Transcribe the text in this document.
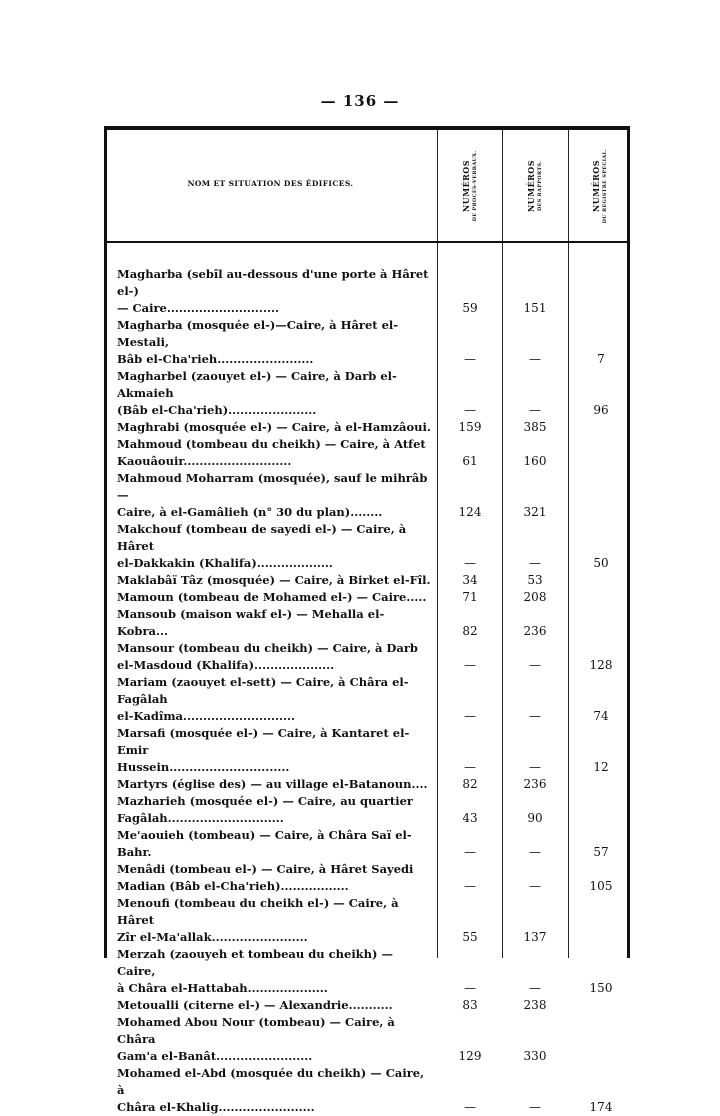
— 136 —
NOM ET SITUATION DES ÉDIFICES.	NUMÉROS DE PROCÈS-VERBAUX.	NUMÉROS DES RAPPORTS.	NUMÉROS DU REGISTRE SPÉCIAL.
Magharba (sebîl au-dessous d'une porte à Hâret el-)
— Caire............................	59	151
Magharba (mosquée el-)—Caire, à Hâret el-Mestali,
Bâb el-Cha'rieh........................	—	—	7
Magharbel (zaouyet el-) — Caire, à Darb el-Akmaieh
(Bâb el-Cha'rieh)......................	—	—	96
Maghrabi (mosquée el-) — Caire, à el-Hamzâoui.	159	385
Mahmoud (tombeau du cheikh) — Caire, à Atfet
Kaouâouir...........................	61	160
Mahmoud Moharram (mosquée), sauf le mihrâb —
Caire, à el-Gamâlieh (n° 30 du plan)........	124	321
Makchouf (tombeau de sayedi el-) — Caire, à Hâret
el-Dakkakin (Khalifa)...................	—	—	50
Maklabâï Tâz (mosquée) — Caire, à Birket el-Fîl.	34	53
Mamoun (tombeau de Mohamed el-) — Caire.....	71	208
Mansoub (maison wakf el-) — Mehalla el-Kobra...	82	236
Mansour (tombeau du cheikh) — Caire, à Darb
el-Masdoud (Khalifa)....................	—	—	128
Mariam (zaouyet el-sett) — Caire, à Châra el-Fagâlah
el-Kadîma............................	—	—	74
Marsafi (mosquée el-) — Caire, à Kantaret el-Emir
Hussein..............................	—	—	12
Martyrs (église des) — au village el-Batanoun....	82	236
Mazharieh (mosquée el-) — Caire, au quartier
Fagâlah.............................	43	90
Me'aouieh (tombeau) — Caire, à Châra Saï el-Bahr.	—	—	57
Menâdi (tombeau el-) — Caire, à Hâret Sayedi
Madian (Bâb el-Cha'rieh).................	—	—	105
Menoufi (tombeau du cheikh el-) — Caire, à Hâret
Zîr el-Ma'allak........................	55	137
Merzah (zaouyeh et tombeau du cheikh) — Caire,
à Châra el-Hattabah....................	—	—	150
Metoualli (citerne el-) — Alexandrie...........	83	238
Mohamed Abou Nour (tombeau) — Caire, à Châra
Gam'a el-Banât........................	129	330
Mohamed el-Abd (mosquée du cheikh) — Caire, à
Châra el-Khalig........................	—	—	174
